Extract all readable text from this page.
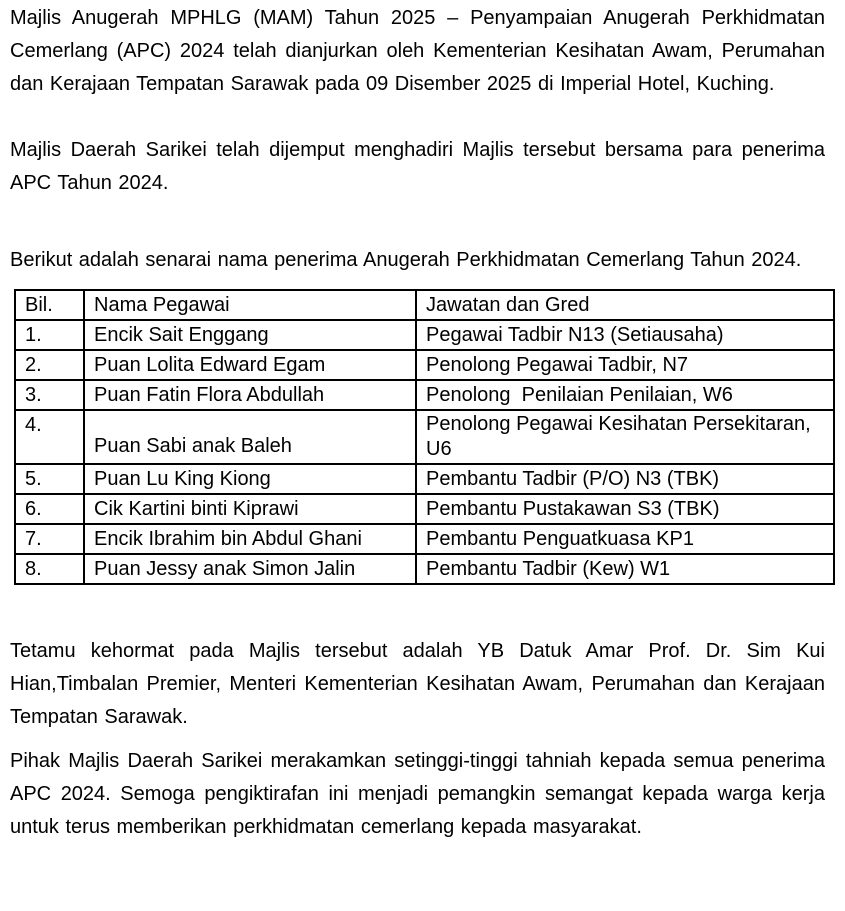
Majlis Anugerah MPHLG (MAM) Tahun 2025 – Penyampaian Anugerah Perkhidmatan Cemerlang (APC) 2024 telah dianjurkan oleh Kementerian Kesihatan Awam, Perumahan dan Kerajaan Tempatan Sarawak pada 09 Disember 2025 di Imperial Hotel, Kuching.

Majlis Daerah Sarikei telah dijemput menghadiri Majlis tersebut bersama para penerima APC Tahun 2024.

Berikut adalah senarai nama penerima Anugerah Perkhidmatan Cemerlang Tahun 2024.

Bil.	Nama Pegawai	Jawatan dan Gred
1.	Encik Sait Enggang	Pegawai Tadbir N13 (Setiausaha)
2.	Puan Lolita Edward Egam	Penolong Pegawai Tadbir, N7
3.	Puan Fatin Flora Abdullah	Penolong  Penilaian Penilaian, W6
4.	Puan Sabi anak Baleh	Penolong Pegawai Kesihatan Persekitaran, U6
5.	Puan Lu King Kiong	Pembantu Tadbir (P/O) N3 (TBK)
6.	Cik Kartini binti Kiprawi	Pembantu Pustakawan S3 (TBK)
7.	Encik Ibrahim bin Abdul Ghani	Pembantu Penguatkuasa KP1
8.	Puan Jessy anak Simon Jalin	Pembantu Tadbir (Kew) W1

Tetamu kehormat pada Majlis tersebut adalah YB Datuk Amar Prof. Dr. Sim Kui Hian,Timbalan Premier, Menteri Kementerian Kesihatan Awam, Perumahan dan Kerajaan Tempatan Sarawak.

Pihak Majlis Daerah Sarikei merakamkan setinggi-tinggi tahniah kepada semua penerima APC 2024. Semoga pengiktirafan ini menjadi pemangkin semangat kepada warga kerja untuk terus memberikan perkhidmatan cemerlang kepada masyarakat.
